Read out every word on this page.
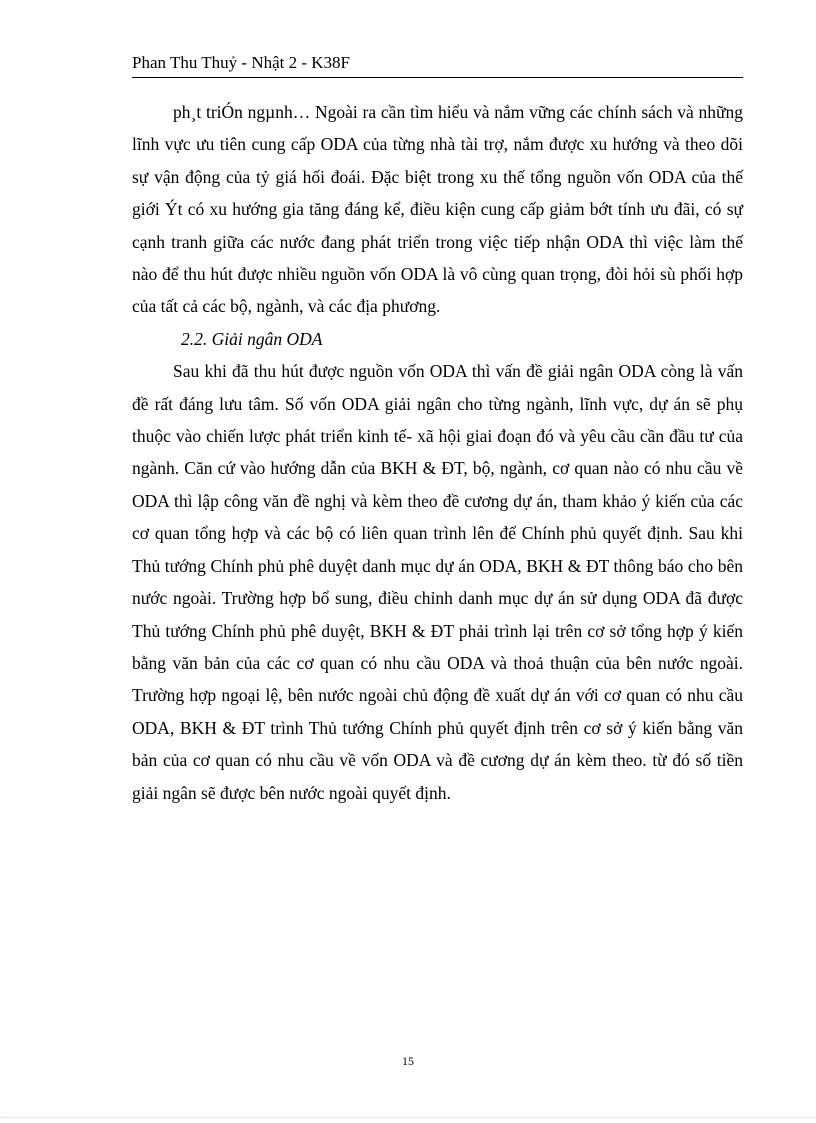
Phan Thu Thuỷ - Nhật 2 - K38F

ph¸t triÓn ngµnh… Ngoài ra cần tìm hiểu và nắm vững các chính sách và những lĩnh vực ưu tiên cung cấp ODA của từng nhà tài trợ, nắm được xu hướng và theo dõi sự vận động của tỷ giá hối đoái. Đặc biệt trong xu thế tổng nguồn vốn ODA của thế giới Ýt có xu hướng gia tăng đáng kể, điều kiện cung cấp giảm bớt tính ưu đãi, có sự cạnh tranh giữa các nước đang phát triển trong việc tiếp nhận ODA thì việc làm thế nào để thu hút được nhiều nguồn vốn ODA là vô cùng quan trọng, đòi hỏi sù phối hợp của tất cả các bộ, ngành, và các địa phương.

2.2. Giải ngân ODA

Sau khi đã thu hút được nguồn vốn ODA thì vấn đề giải ngân ODA còng là vấn đề rất đáng lưu tâm. Số vốn ODA giải ngân cho từng ngành, lĩnh vực, dự án sẽ phụ thuộc vào chiến lược phát triển kinh tế- xã hội giai đoạn đó và yêu cầu cần đầu tư của ngành. Căn cứ vào hướng dẫn của BKH & ĐT, bộ, ngành, cơ quan nào có nhu cầu về ODA thì lập công văn đề nghị và kèm theo đề cương dự án, tham khảo ý kiến của các cơ quan tổng hợp và các bộ có liên quan trình lên để Chính phủ quyết định. Sau khi Thủ tướng Chính phủ phê duyệt danh mục dự án ODA, BKH & ĐT thông báo cho bên nước ngoài. Trường hợp bổ sung, điều chỉnh danh mục dự án sử dụng ODA đã được Thủ tướng Chính phủ phê duyệt, BKH & ĐT phải trình lại trên cơ sở tổng hợp ý kiến bằng văn bản của các cơ quan có nhu cầu ODA và thoả thuận của bên nước ngoài. Trường hợp ngoại lệ, bên nước ngoài chủ động đề xuất dự án với cơ quan có nhu cầu ODA, BKH & ĐT trình Thủ tướng Chính phủ quyết định trên cơ sở ý kiến bằng văn bản của cơ quan có nhu cầu về vốn ODA và đề cương dự án kèm theo. từ đó số tiền giải ngân sẽ được bên nước ngoài quyết định.

15
